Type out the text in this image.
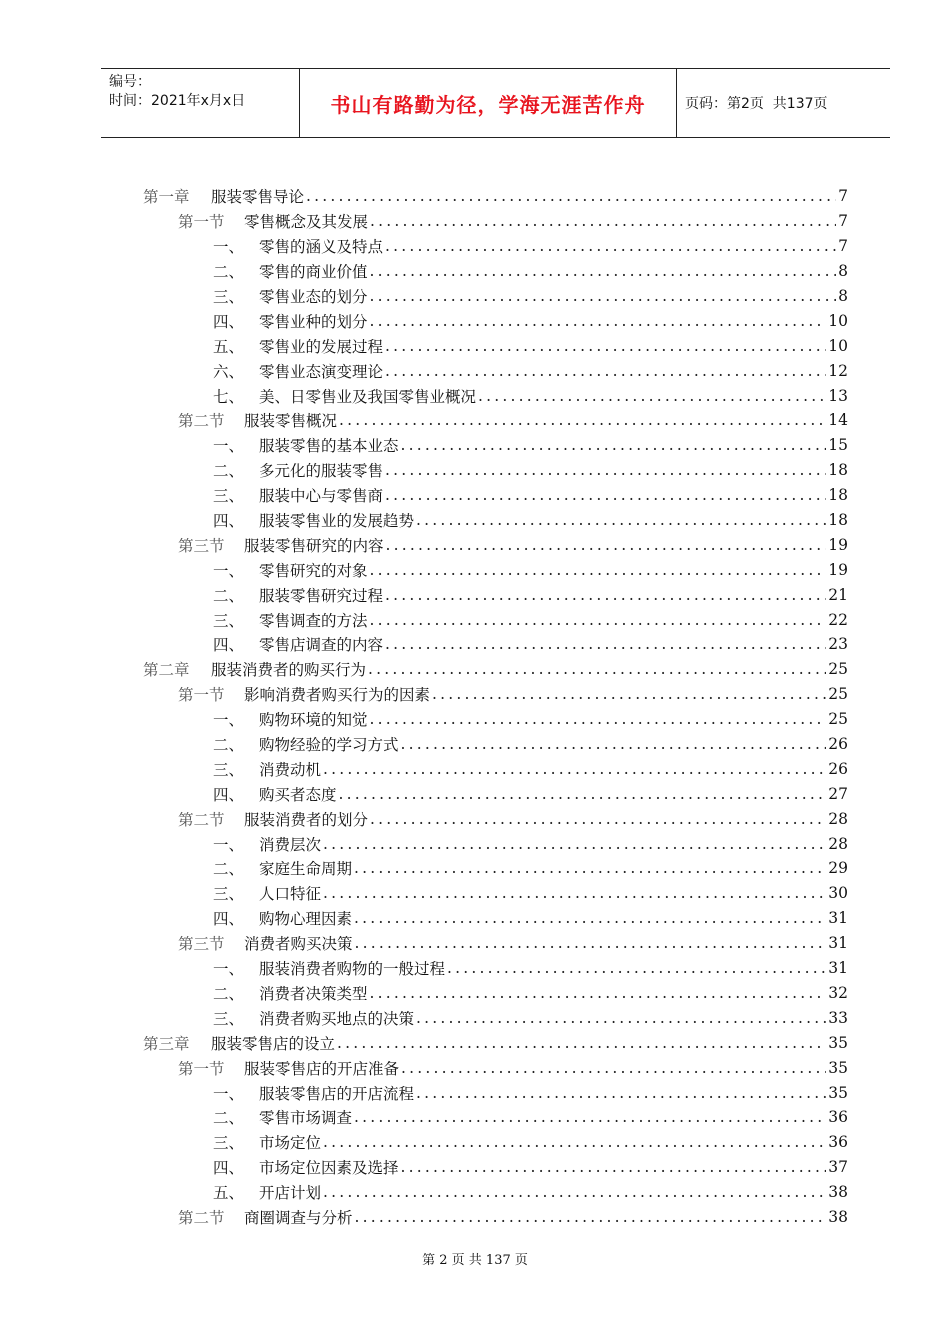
编号：
时间：2021年x月x日	书山有路勤为径，学海无涯苦作舟	页码：第2页  共137页
第一章 服装零售导论 .....	7
第一节 零售概念及其发展 .....	7
一、 零售的涵义及特点 .....	7
二、 零售的商业价值 .....	8
三、 零售业态的划分 .....	8
四、 零售业种的划分 .....	10
五、 零售业的发展过程 .....	10
六、 零售业态演变理论 .....	12
七、 美、日零售业及我国零售业概况 .....	13
第二节 服装零售概况 .....	14
一、 服装零售的基本业态 .....	15
二、 多元化的服装零售 .....	18
三、 服装中心与零售商 .....	18
四、 服装零售业的发展趋势 .....	18
第三节 服装零售研究的内容 .....	19
一、 零售研究的对象 .....	19
二、 服装零售研究过程 .....	21
三、 零售调查的方法 .....	22
四、 零售店调查的内容 .....	23
第二章 服装消费者的购买行为 .....	25
第一节 影响消费者购买行为的因素 .....	25
一、 购物环境的知觉 .....	25
二、 购物经验的学习方式 .....	26
三、 消费动机 .....	26
四、 购买者态度 .....	27
第二节 服装消费者的划分 .....	28
一、 消费层次 .....	28
二、 家庭生命周期 .....	29
三、 人口特征 .....	30
四、 购物心理因素 .....	31
第三节 消费者购买决策 .....	31
一、 服装消费者购物的一般过程 .....	31
二、 消费者决策类型 .....	32
三、 消费者购买地点的决策 .....	33
第三章 服装零售店的设立 .....	35
第一节 服装零售店的开店准备 .....	35
一、 服装零售店的开店流程 .....	35
二、 零售市场调查 .....	36
三、 市场定位 .....	36
四、 市场定位因素及选择 .....	37
五、 开店计划 .....	38
第二节 商圈调查与分析 .....	38
第 2 页 共 137 页
